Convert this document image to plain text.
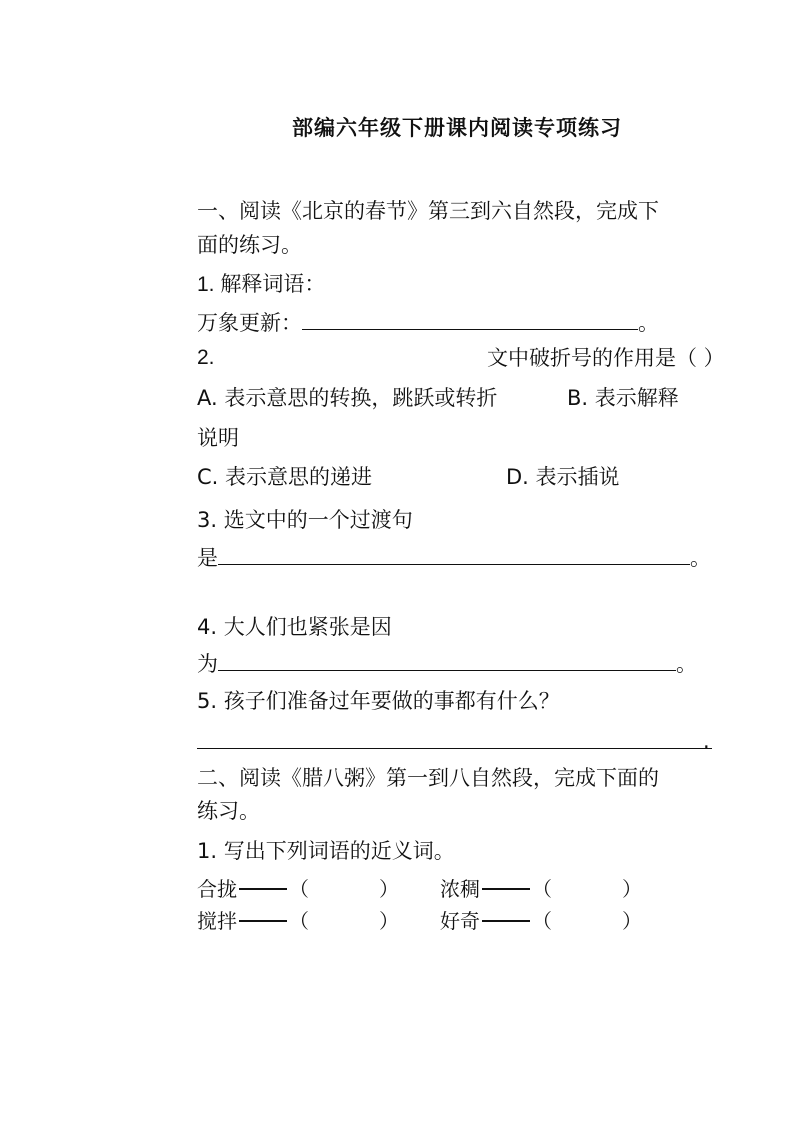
部编六年级下册课内阅读专项练习
一、阅读《北京的春节》第三到六自然段，完成下
面的练习。
1. 解释词语：
万象更新：	。
2.	文中破折号的作用是（ ）
A. 表示意思的转换，跳跃或转折	B. 表示解释
说明
C. 表示意思的递进	D. 表示插说
3. 选文中的一个过渡句
是	。
4. 大人们也紧张是因
为	。
5. 孩子们准备过年要做的事都有什么？
.
二、阅读《腊八粥》第一到八自然段，完成下面的
练习。
1. 写出下列词语的近义词。
合拢	（	） 浓稠	（	）
搅拌	（	） 好奇	（	）
